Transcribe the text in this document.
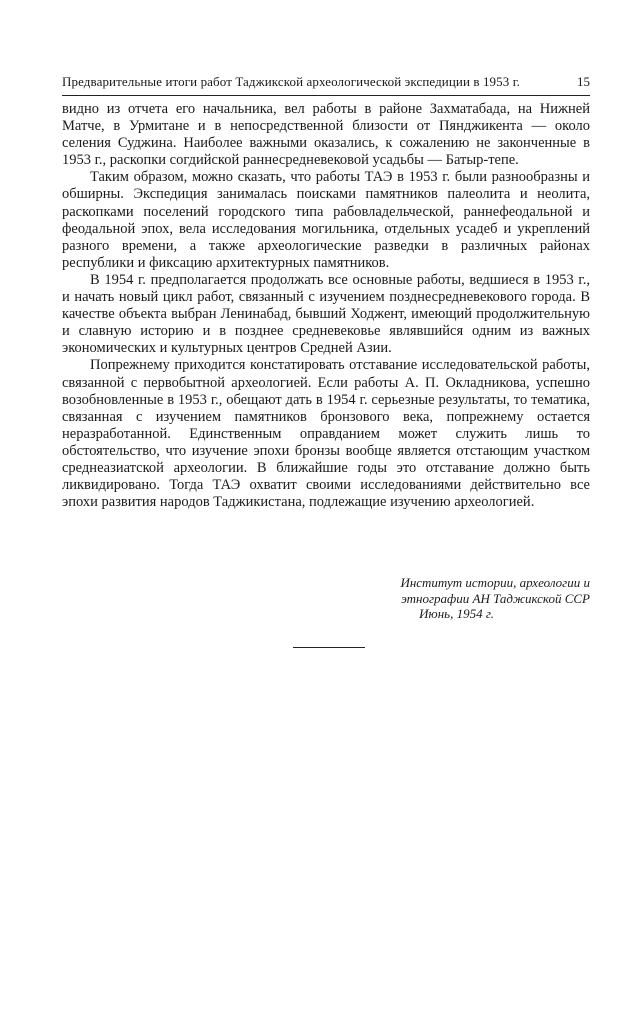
Предварительные итоги работ Таджикской археологической экспедиции в 1953 г.	15

видно из отчета его начальника, вел работы в районе Захматабада, на Нижней Матче, в Урмитане и в непосредственной близости от Пянджикента — около селения Суджина. Наиболее важными оказались, к сожалению не законченные в 1953 г., раскопки согдийской раннесредневековой усадьбы — Батыр-тепе.

Таким образом, можно сказать, что работы ТАЭ в 1953 г. были разнообразны и обширны. Экспедиция занималась поисками памятников палеолита и неолита, раскопками поселений городского типа рабовладельческой, раннефеодальной и феодальной эпох, вела исследования могильника, отдельных усадеб и укреплений разного времени, а также археологические разведки в различных районах республики и фиксацию архитектурных памятников.

В 1954 г. предполагается продолжать все основные работы, ведшиеся в 1953 г., и начать новый цикл работ, связанный с изучением позднесредневекового города. В качестве объекта выбран Ленинабад, бывший Ходжент, имеющий продолжительную и славную историю и в позднее средневековье являвшийся одним из важных экономических и культурных центров Средней Азии.

Попрежнему приходится констатировать отставание исследовательской работы, связанной с первобытной археологией. Если работы А. П. Окладникова, успешно возобновленные в 1953 г., обещают дать в 1954 г. серьезные результаты, то тематика, связанная с изучением памятников бронзового века, попрежнему остается неразработанной. Единственным оправданием может служить лишь то обстоятельство, что изучение эпохи бронзы вообще является отстающим участком среднеазиатской археологии. В ближайшие годы это отставание должно быть ликвидировано. Тогда ТАЭ охватит своими исследованиями действительно все эпохи развития народов Таджикистана, подлежащие изучению археологией.

Институт истории, археологии и
этнографии АН Таджикской ССР
Июнь, 1954 г.
